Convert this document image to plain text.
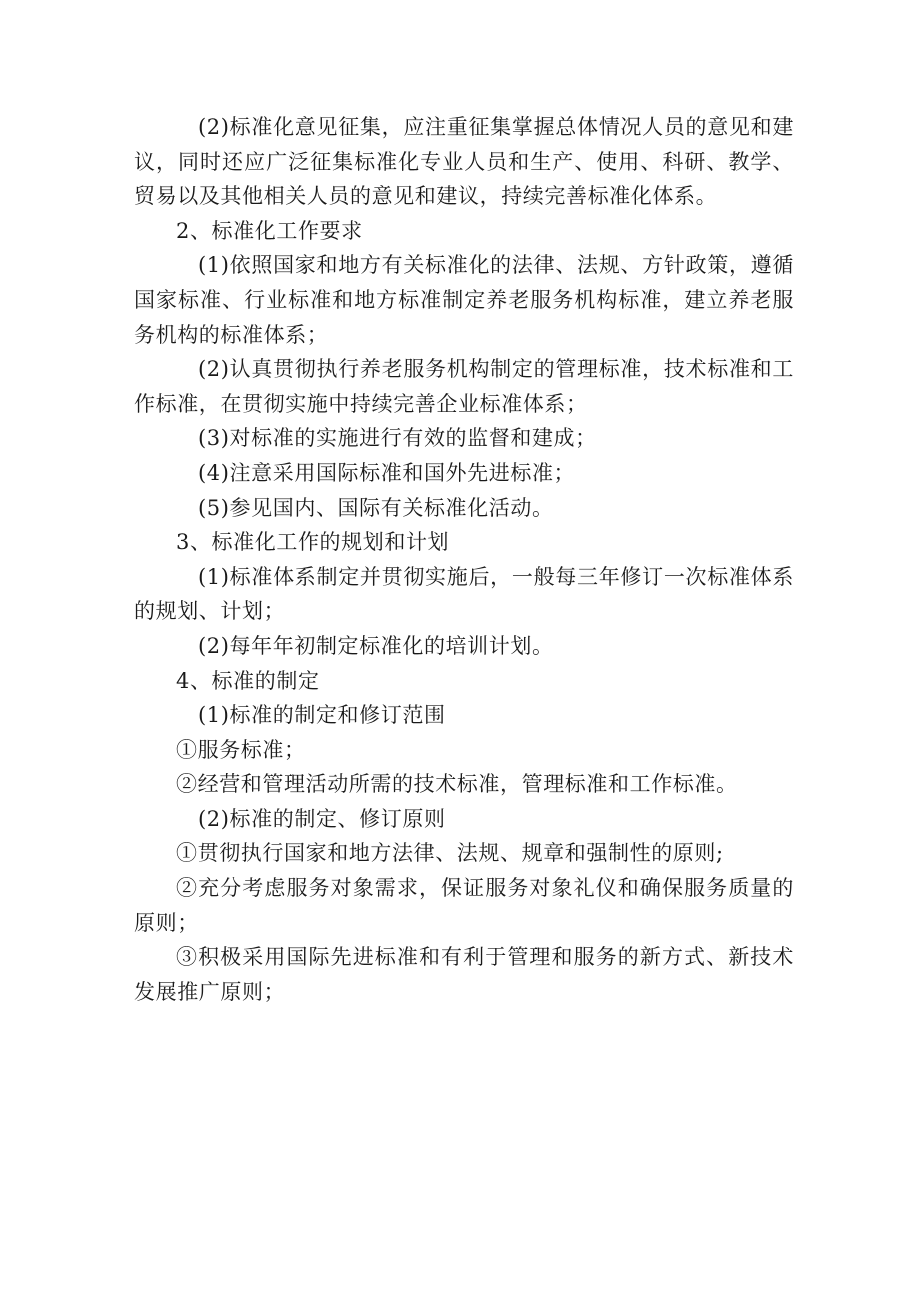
(2)标准化意见征集，应注重征集掌握总体情况人员的意见和建议，同时还应广泛征集标准化专业人员和生产、使用、科研、教学、贸易以及其他相关人员的意见和建议，持续完善标准化体系。

2、标准化工作要求

(1)依照国家和地方有关标准化的法律、法规、方针政策，遵循国家标准、行业标准和地方标准制定养老服务机构标准，建立养老服务机构的标准体系；

(2)认真贯彻执行养老服务机构制定的管理标准，技术标准和工作标准，在贯彻实施中持续完善企业标准体系；

(3)对标准的实施进行有效的监督和建成；

(4)注意采用国际标准和国外先进标准；

(5)参见国内、国际有关标准化活动。

3、标准化工作的规划和计划

(1)标准体系制定并贯彻实施后，一般每三年修订一次标准体系的规划、计划；

(2)每年年初制定标准化的培训计划。

4、标准的制定

(1)标准的制定和修订范围

①服务标准；

②经营和管理活动所需的技术标准，管理标准和工作标准。

(2)标准的制定、修订原则

①贯彻执行国家和地方法律、法规、规章和强制性的原则;

②充分考虑服务对象需求，保证服务对象礼仪和确保服务质量的原则；

③积极采用国际先进标准和有利于管理和服务的新方式、新技术发展推广原则；
